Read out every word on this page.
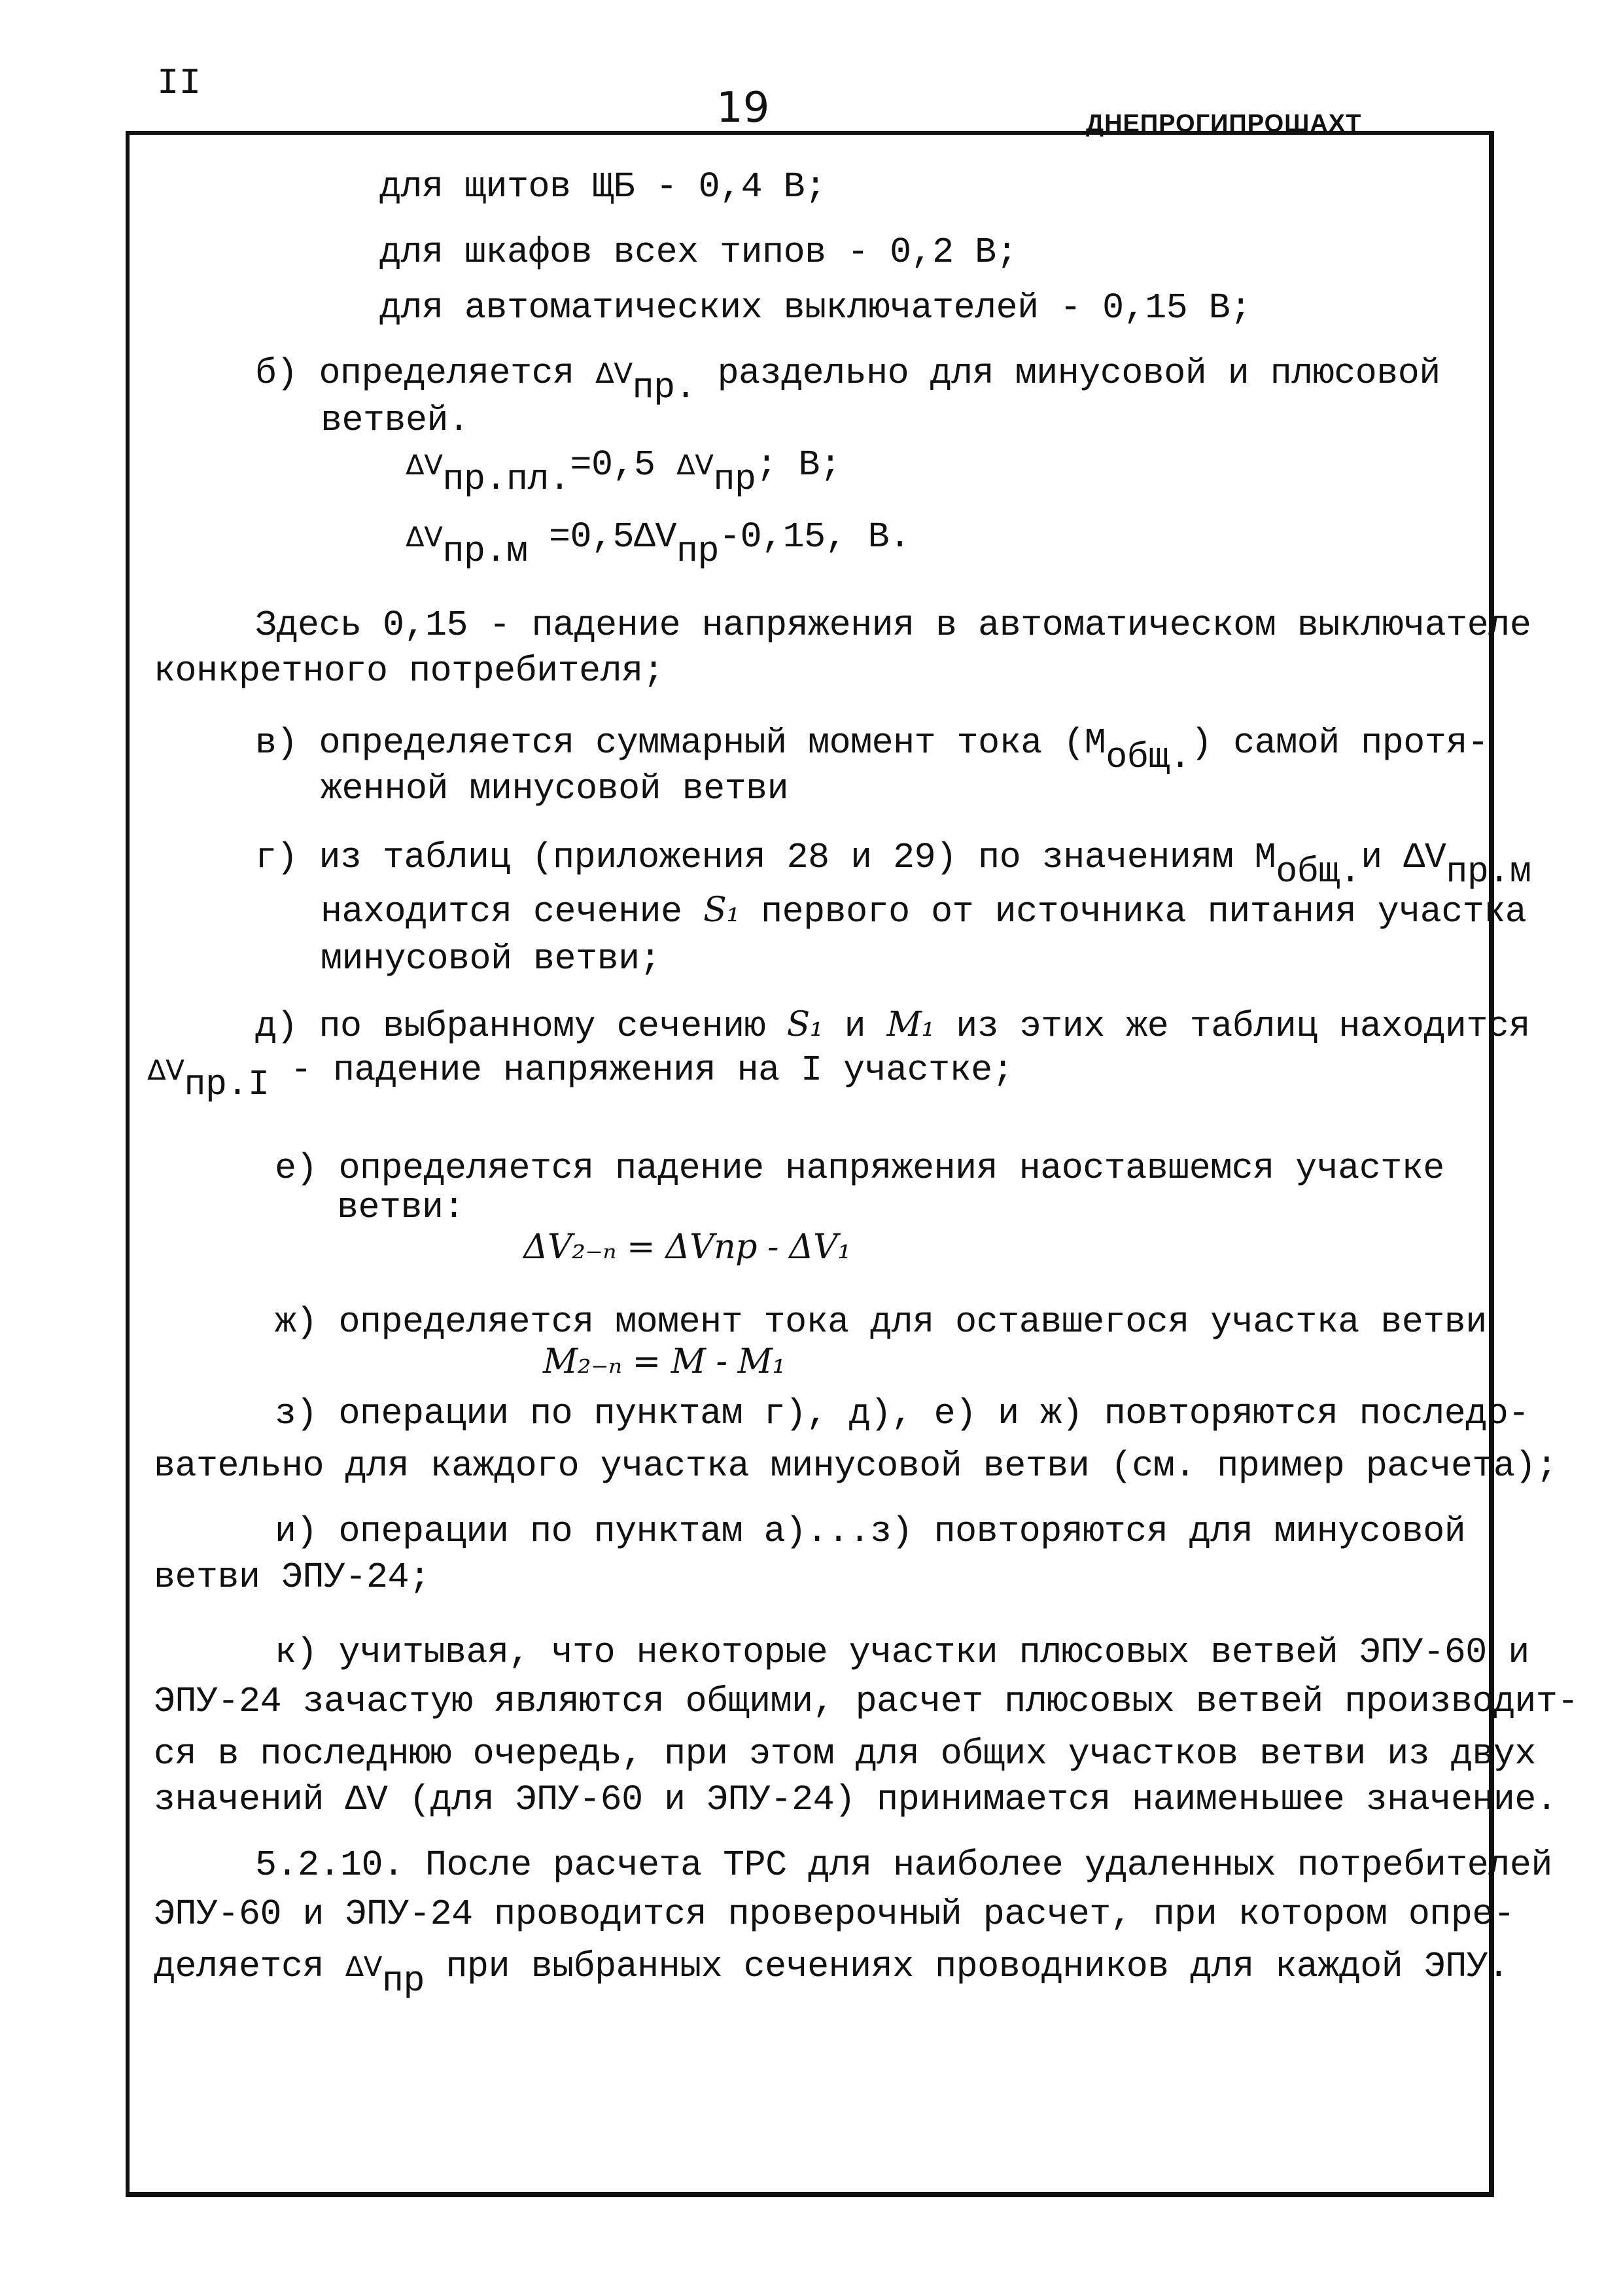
II
19	ДНЕПРОГИПРОШАХТ
для щитов ЩБ - 0,4 В;
для шкафов всех типов - 0,2 В;
для автоматических выключателей - 0,15 В;
б) определяется ΔVпр. раздельно для минусовой и плюсовой
ветвей.
ΔVпр.пл.=0,5 ΔVпр; В;
ΔVпр.м =0,5ΔVпр-0,15, В.
Здесь 0,15 - падение напряжения в автоматическом выключателе
конкретного потребителя;
в) определяется суммарный момент тока (Мобщ.) самой протя-
женной минусовой ветви
г) из таблиц (приложения 28 и 29) по значениям Мобщ.и ΔVпр.м
находится сечение S₁ первого от источника питания участка
минусовой ветви;
д) по выбранному сечению S₁ и M₁ из этих же таблиц находится
ΔVпр.I - падение напряжения на I участке;
е) определяется падение напряжения наоставшемся участке
ветви:
ΔV₂₋ₙ = ΔVпр - ΔV₁
ж) определяется момент тока для оставшегося участка ветви
M₂₋ₙ = M - M₁
з) операции по пунктам г), д), е) и ж) повторяются последо-
вательно для каждого участка минусовой ветви (см. пример расчета);
и) операции по пунктам а)...з) повторяются для минусовой
ветви ЭПУ-24;
к) учитывая, что некоторые участки плюсовых ветвей ЭПУ-60 и
ЭПУ-24 зачастую являются общими, расчет плюсовых ветвей производит-
ся в последнюю очередь, при этом для общих участков ветви из двух
значений ΔV (для ЭПУ-60 и ЭПУ-24) принимается наименьшее значение.
5.2.10. После расчета ТРС для наиболее удаленных потребителей
ЭПУ-60 и ЭПУ-24 проводится проверочный расчет, при котором опре-
деляется ΔVпр при выбранных сечениях проводников для каждой ЭПУ.
